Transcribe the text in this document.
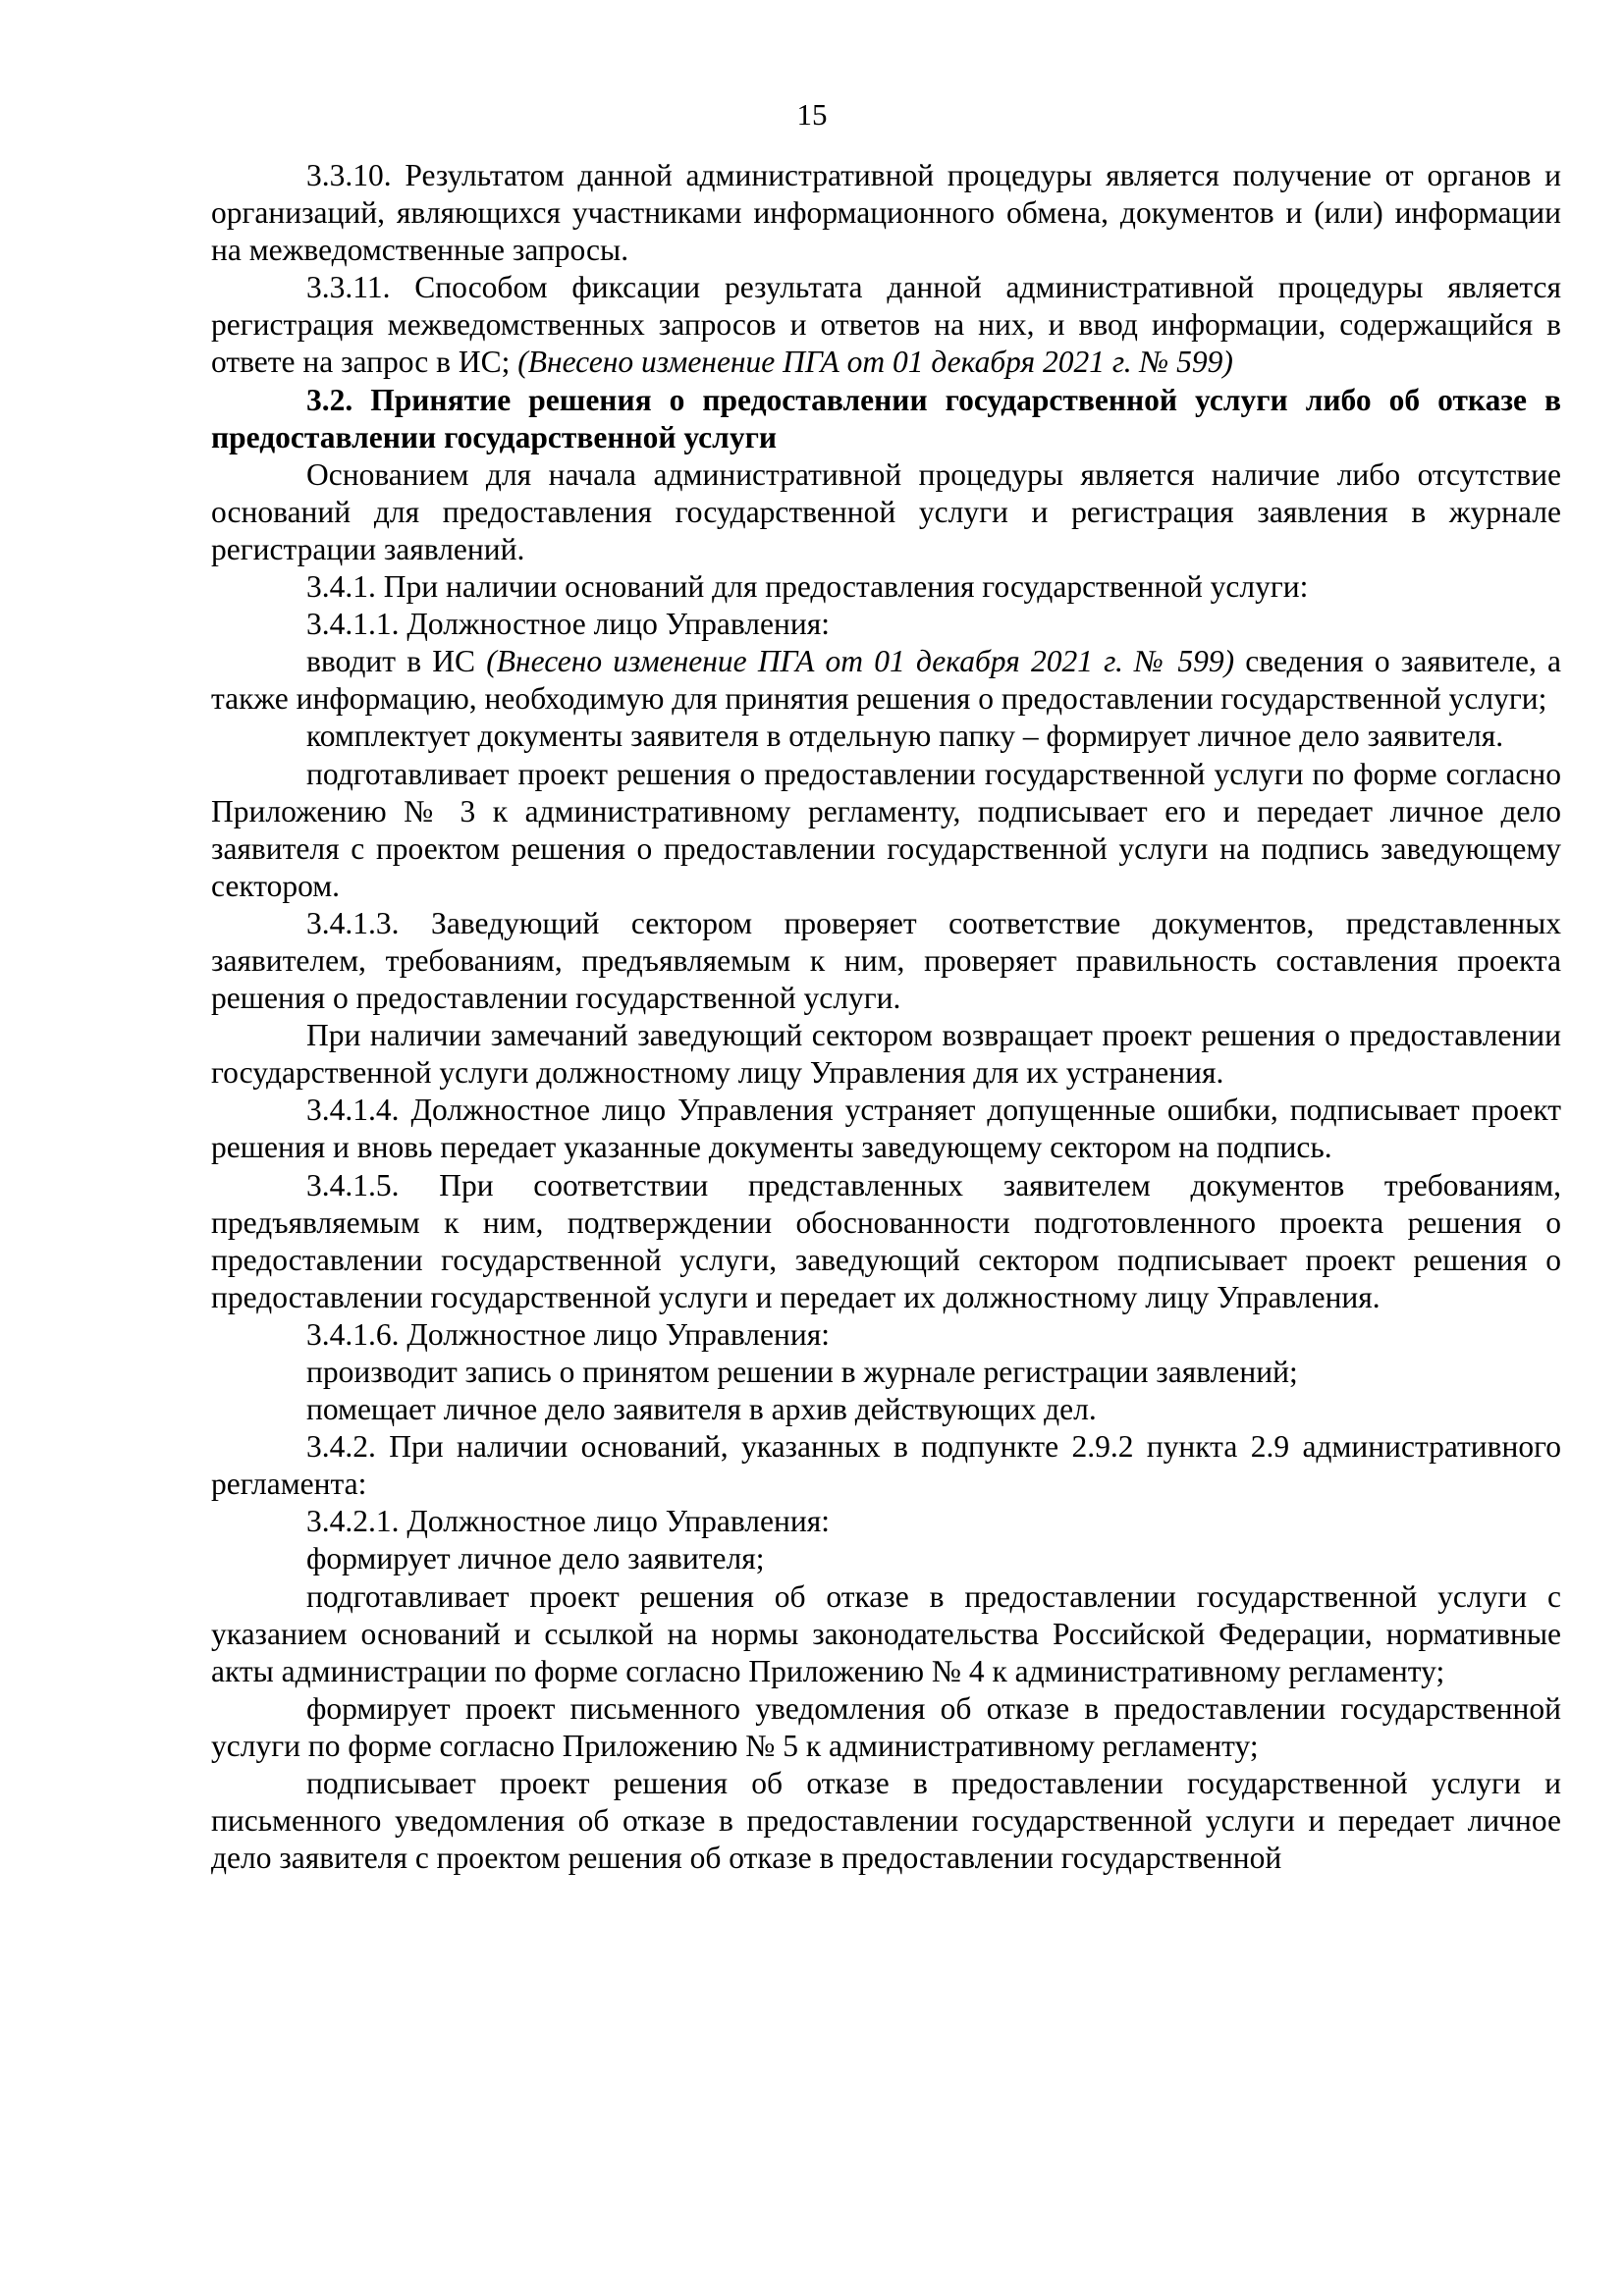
15

3.3.10. Результатом данной административной процедуры является получение от органов и организаций, являющихся участниками информационного обмена, документов и (или) информации на межведомственные запросы.

3.3.11. Способом фиксации результата данной административной процедуры является регистрация межведомственных запросов и ответов на них, и ввод информации, содержащийся в ответе на запрос в ИС; (Внесено изменение ПГА от 01 декабря 2021 г. № 599)

3.2. Принятие решения о предоставлении государственной услуги либо об отказе в предоставлении государственной услуги

Основанием для начала административной процедуры является наличие либо отсутствие оснований для предоставления государственной услуги и регистрация заявления в журнале регистрации заявлений.

3.4.1. При наличии оснований для предоставления государственной услуги:

3.4.1.1. Должностное лицо Управления:

вводит в ИС (Внесено изменение ПГА от 01 декабря 2021 г. № 599) сведения о заявителе, а также информацию, необходимую для принятия решения о предоставлении государственной услуги;

комплектует документы заявителя в отдельную папку – формирует личное дело заявителя.

подготавливает проект решения о предоставлении государственной услуги по форме согласно Приложению № 3 к административному регламенту, подписывает его и передает личное дело заявителя с проектом решения о предоставлении государственной услуги на подпись заведующему сектором.

3.4.1.3. Заведующий сектором проверяет соответствие документов, представленных заявителем, требованиям, предъявляемым к ним, проверяет правильность составления проекта решения о предоставлении государственной услуги.

При наличии замечаний заведующий сектором возвращает проект решения о предоставлении государственной услуги должностному лицу Управления для их устранения.

3.4.1.4. Должностное лицо Управления устраняет допущенные ошибки, подписывает проект решения и вновь передает указанные документы заведующему сектором на подпись.

3.4.1.5. При соответствии представленных заявителем документов требованиям, предъявляемым к ним, подтверждении обоснованности подготовленного проекта решения о предоставлении государственной услуги, заведующий сектором подписывает проект решения о предоставлении государственной услуги и передает их должностному лицу Управления.

3.4.1.6. Должностное лицо Управления:

производит запись о принятом решении в журнале регистрации заявлений;

помещает личное дело заявителя в архив действующих дел.

3.4.2. При наличии оснований, указанных в подпункте 2.9.2 пункта 2.9 административного регламента:

3.4.2.1. Должностное лицо Управления:

формирует личное дело заявителя;

подготавливает проект решения об отказе в предоставлении государственной услуги с указанием оснований и ссылкой на нормы законодательства Российской Федерации, нормативные акты администрации по форме согласно Приложению № 4 к административному регламенту;

формирует проект письменного уведомления об отказе в предоставлении государственной услуги по форме согласно Приложению № 5 к административному регламенту;

подписывает проект решения об отказе в предоставлении государственной услуги и письменного уведомления об отказе в предоставлении государственной услуги и передает личное дело заявителя с проектом решения об отказе в предоставлении государственной
